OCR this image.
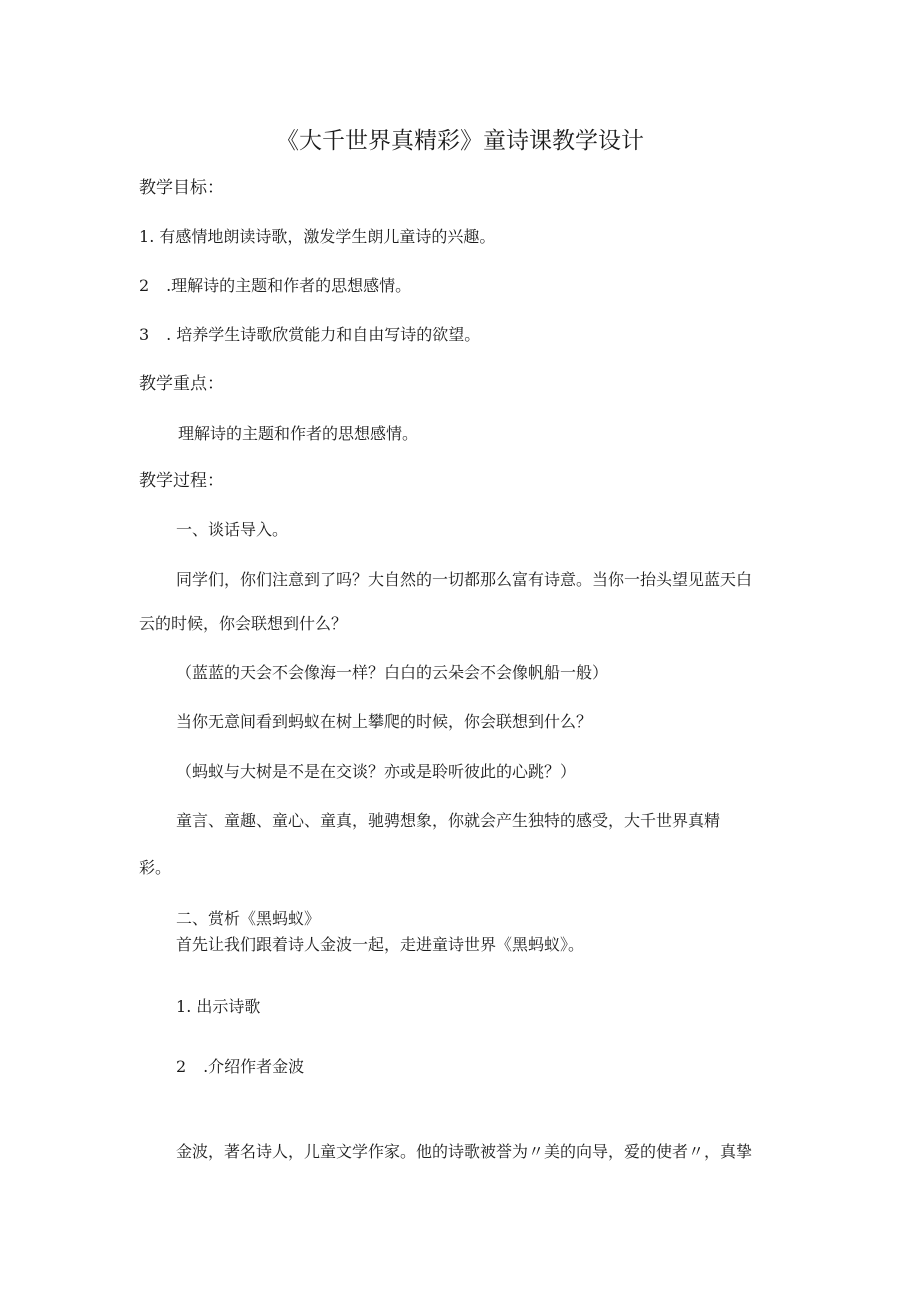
《大千世界真精彩》童诗课教学设计
教学目标：
1. 有感情地朗读诗歌，激发学生朗儿童诗的兴趣。
2 .理解诗的主题和作者的思想感情。
3 . 培养学生诗歌欣赏能力和自由写诗的欲望。
教学重点：
理解诗的主题和作者的思想感情。
教学过程：
一、谈话导入。
同学们，你们注意到了吗？大自然的一切都那么富有诗意。当你一抬头望见蓝天白
云的时候，你会联想到什么？
（蓝蓝的天会不会像海一样？白白的云朵会不会像帆船一般）
当你无意间看到蚂蚁在树上攀爬的时候，你会联想到什么？
（蚂蚁与大树是不是在交谈？亦或是聆听彼此的心跳？）
童言、童趣、童心、童真，驰骋想象，你就会产生独特的感受，大千世界真精
彩。
二、赏析《黑蚂蚁》
首先让我们跟着诗人金波一起，走进童诗世界《黑蚂蚁》。
1. 出示诗歌
2 .介绍作者金波
金波，著名诗人，儿童文学作家。他的诗歌被誉为〃美的向导，爱的使者〃，真挚
